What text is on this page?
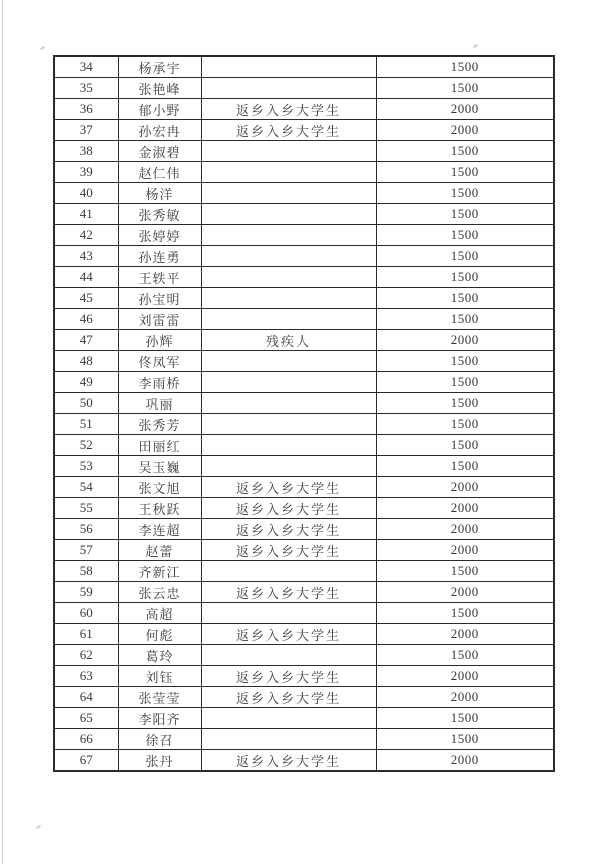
34	杨承宇		1500
35	张艳峰		1500
36	郁小野	返乡入乡大学生	2000
37	孙宏冉	返乡入乡大学生	2000
38	金淑碧		1500
39	赵仁伟		1500
40	杨洋		1500
41	张秀敏		1500
42	张婷婷		1500
43	孙连勇		1500
44	王轶平		1500
45	孙宝明		1500
46	刘雷雷		1500
47	孙辉	残疾人	2000
48	佟凤军		1500
49	李雨桥		1500
50	巩丽		1500
51	张秀芳		1500
52	田丽红		1500
53	吴玉巍		1500
54	张文旭	返乡入乡大学生	2000
55	王秋跃	返乡入乡大学生	2000
56	李连超	返乡入乡大学生	2000
57	赵蕾	返乡入乡大学生	2000
58	齐新江		1500
59	张云忠	返乡入乡大学生	2000
60	高超		1500
61	何彪	返乡入乡大学生	2000
62	葛玲		1500
63	刘钰	返乡入乡大学生	2000
64	张莹莹	返乡入乡大学生	2000
65	李阳齐		1500
66	徐召		1500
67	张丹	返乡入乡大学生	2000
